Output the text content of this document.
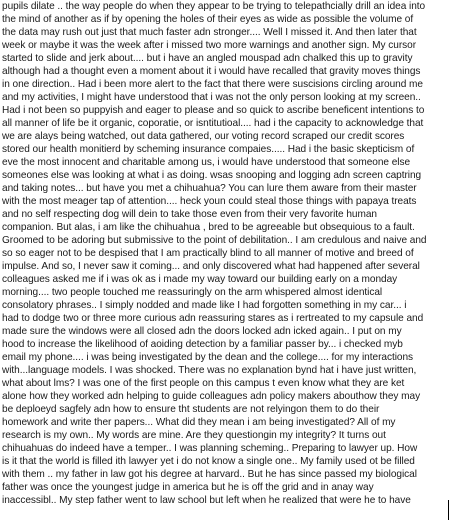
pupils dilate .. the way people do when they appear to be trying to telepathcially drill an idea into
the mind of another as if by opening the holes of their eyes as wide as possible the volume of
the data may rush out just that much faster adn stronger.... Well I missed it. And then later that
week or maybe it was the week after i missed two more warnings and another sign. My cursor
started to slide and jerk about.... but i have an angled mouspad adn chalked this up to gravity
although had a thought even a moment about it i would have recalled that gravity moves things
in one direction.. Had i been more alert to the fact that there were suscisions circling around me
and my activities, I might have understood that i was not the only person looking at my screen..
Had i not been so puppyish and eager to please and so quick to ascribe beneficent intentions to
all manner of life be it organic, coporatie, or isntitutioal.... had i the capacity to acknowledge that
we are alays being watched, out data gathered, our voting record scraped our credit scores
stored our health monitierd by scheming insurance compaies..... Had i the basic skepticism of
eve the most innocent and charitable among us, i would have understood that someone else
someones else was looking at what i as doing. wsas snooping and logging adn screen captring
and taking notes... but have you met a chihuahua? You can lure them aware from their master
with the most meager tap of attention.... heck youn could steal those things with papaya treats
and no self respecting dog will dein to take those even from their very favorite human
companion. But alas, i am like the chihuahua , bred to be agreeable but obsequious to a fault.
Groomed to be adoring but submissive to the point of debilitation.. I am credulous and naive and
so so eager not to be despised that I am practically blind to all manner of motive and breed of
impulse. And so, I never saw it coming... and only discovered what had happened after several
colleagues asked me if i was ok as i made my way toward our building early on a monday
morning.... two people touched me reassuringly on the arm whispered almost identical
consolatory phrases.. I simply nodded and made like I had forgotten something in my car... i
had to dodge two or three more curious adn reassuring stares as i rertreated to my capsule and
made sure the windows were all closed adn the doors locked adn icked again.. I put on my
hood to increase the likelihood of aoiding detection by a familiar passer by... i checked myb
email my phone.... i was being investigated by the dean and the college.... for my interactions
with...language models. I was shocked. There was no explanation bynd hat i have just written,
what about lms? I was one of the first people on this campus t even know what they are ket
alone how they worked adn helping to guide colleagues adn policy makers abouthow they may
be deploeyd sagfely adn how to ensure tht students are not relyingon them to do their
homework and write ther papers... What did they mean i am being investigated? All of my
research is my own.. My words are mine. Are they questiongin my integrity? It turns out
chihuahuas do indeed have a temper.. I was planning scheming.. Preparing to lawyer up. How
is it that the world is filled ith lawyer yet i do not know a single one.. My family used ot be filled
with them .. my father in law got his degree at harvard.. But he has since passed my biological
father was once the youngest judge in america but he is off the grid and in anay way
inaccessibl.. My step father went to law school but left when he realized that were he to have
